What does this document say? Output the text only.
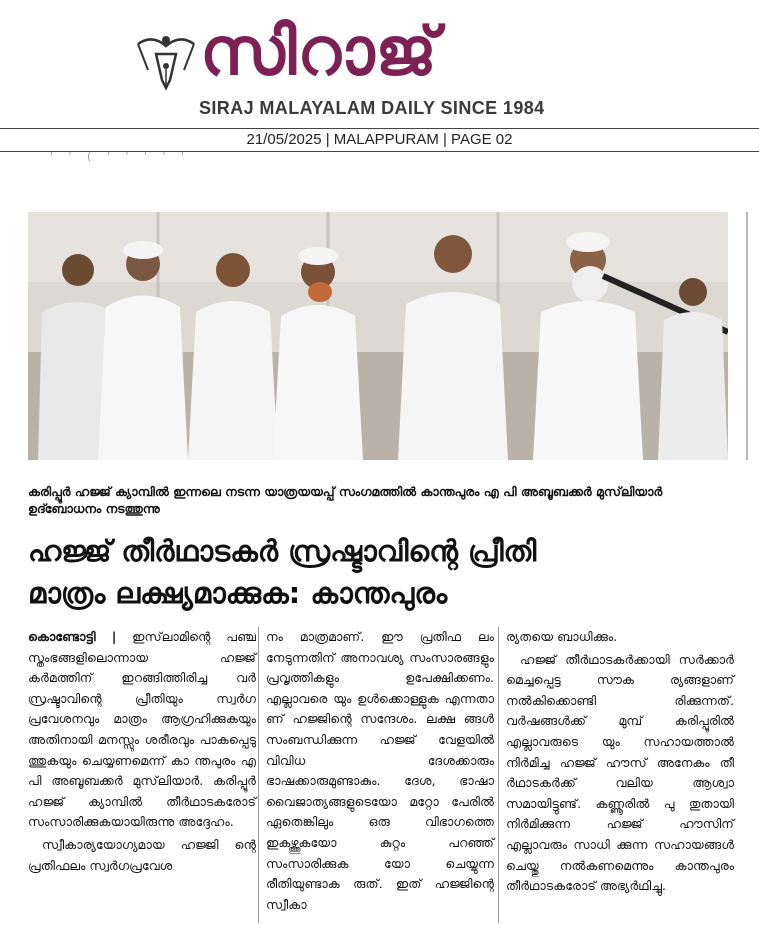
സിറാജ്
SIRAJ MALAYALAM DAILY SINCE 1984
21/05/2025 | MALAPPURAM | PAGE 02
' ' ( ' ' ' ' '
കരിപ്പൂർ ഹജ്ജ് ക്യാമ്പിൽ ഇന്നലെ നടന്ന യാത്രയയപ്പ് സംഗമത്തിൽ കാന്തപുരം എ പി അബൂബക്കർ മുസ്‌ലിയാർ ഉദ്ബോധനം നടത്തുന്നു
ഹജ്ജ് തീർഥാടകർ സ്രഷ്ടാവിന്റെ പ്രീതി
മാത്രം ലക്ഷ്യമാക്കുക: കാന്തപുരം

കൊണ്ടോട്ടി | ഇസ്‌ലാമിന്റെ പഞ്ച സ്തംഭങ്ങളിലൊന്നായ ഹജ്ജ് കർമത്തിന് ഇറങ്ങിത്തിരിച്ച വർ സ്രഷ്ടാവിന്റെ പ്രീതിയും സ്വർഗ പ്രവേശനവും മാത്രം ആഗ്രഹിക്കുകയും അതിനായി മനസ്സും ശരീരവും പാകപ്പെടു ത്തുകയും ചെയ്യണമെന്ന് കാ ന്തപുരം എ പി അബൂബക്കർ മുസ്‌ലിയാർ. കരിപ്പൂർ ഹജ്ജ് ക്യാമ്പിൽ തീർഥാടകരോട് സംസാരിക്കുകയായിരുന്നു അദ്ദേഹം.

സ്വീകാര്യയോഗ്യമായ ഹജ്ജി ന്റെ പ്രതിഫലം സ്വർഗപ്രവേശ

നം മാത്രമാണ്. ഈ പ്രതിഫ ലം നേടുന്നതിന് അനാവശ്യ സംസാരങ്ങളും പ്രവൃത്തികളും ഉപേക്ഷിക്കണം. എല്ലാവരെ യും ഉൾക്കൊള്ളുക എന്നതാ ണ് ഹജ്ജിന്റെ സന്ദേശം. ലക്ഷ ങ്ങൾ സംബന്ധിക്കുന്ന ഹജ്ജ് വേളയിൽ വിവിധ ദേശക്കാരും ഭാഷക്കാരുമുണ്ടാകും. ദേശ, ഭാഷാ വൈജാത്യങ്ങളുടെയോ മറ്റോ പേരിൽ ഏതെങ്കിലും ഒരു വിഭാഗത്തെ ഇകഴ്ത്തുകയോ കുറ്റം പറഞ്ഞ് സംസാരിക്കുക യോ ചെയ്യുന്ന രീതിയുണ്ടാക രുത്. ഇത് ഹജ്ജിന്റെ സ്വീകാ

ര്യതയെ ബാധിക്കും.

ഹജ്ജ് തീർഥാടകർക്കായി സർക്കാർ മെച്ചപ്പെട്ട സൗക ര്യങ്ങളാണ് നൽകിക്കൊണ്ടി രിക്കുന്നത്. വർഷങ്ങൾക്ക് മുമ്പ് കരിപ്പൂരിൽ എല്ലാവരുടെ യും സഹായത്താൽ നിർമിച്ച ഹജ്ജ് ഹൗസ് അനേകം തീ ർഥാടകർക്ക് വലിയ ആശ്വാ സമായിട്ടുണ്ട്. കണ്ണൂരിൽ പു തുതായി നിർമിക്കുന്ന ഹജ്ജ് ഹൗസിന് എല്ലാവരും സാധി ക്കുന്ന സഹായങ്ങൾ ചെയ്തു നൽകണമെന്നും കാന്തപുരം തീർഥാടകരോട് അഭ്യർഥിച്ചു.
